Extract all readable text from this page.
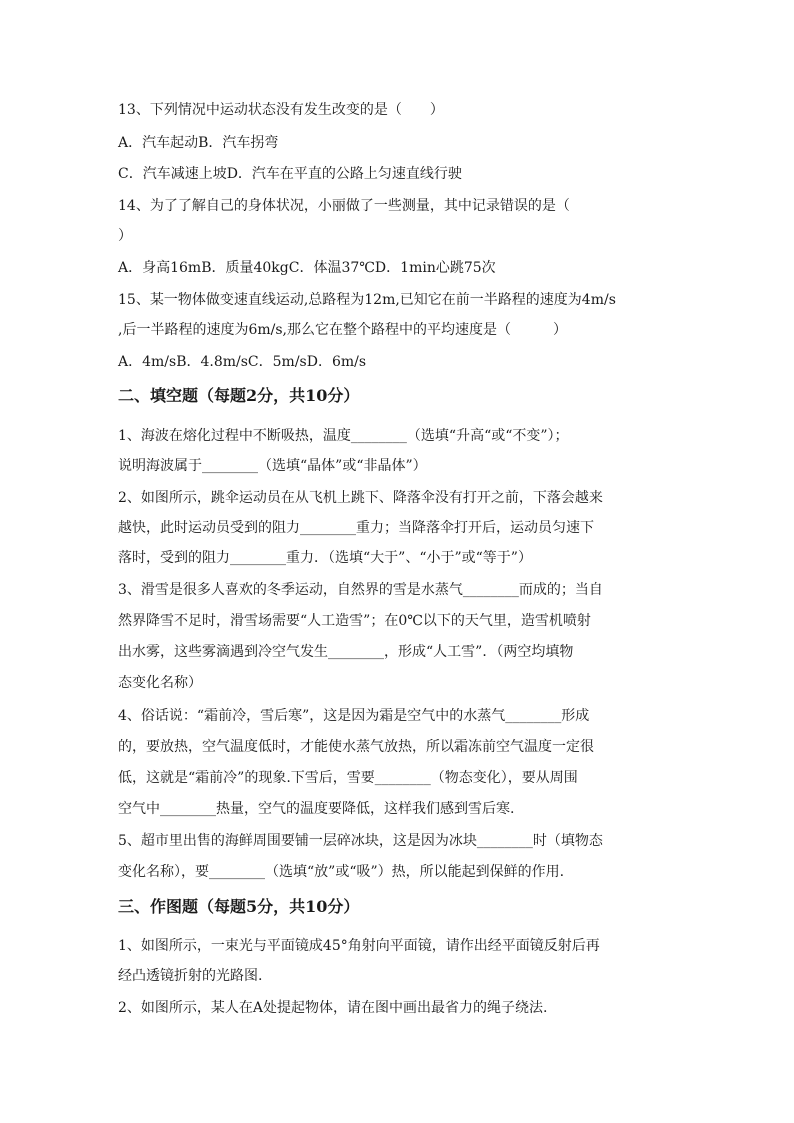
13、下列情况中运动状态没有发生改变的是（　　）
A．汽车起动B．汽车拐弯
C．汽车减速上坡D．汽车在平直的公路上匀速直线行驶
14、为了了解自己的身体状况，小丽做了一些测量，其中记录错误的是（
）
A．身高16mB．质量40kgC．体温37℃D．1min心跳75次
15、某一物体做变速直线运动,总路程为12m,已知它在前一半路程的速度为4m/s
,后一半路程的速度为6m/s,那么它在整个路程中的平均速度是（　　　）
A．4m/sB．4.8m/sC．5m/sD．6m/s
二、填空题（每题2分，共10分）
1、海波在熔化过程中不断吸热，温度________（选填“升高“或“不变”）；
说明海波属于________（选填“晶体”或“非晶体”）
2、如图所示，跳伞运动员在从飞机上跳下、降落伞没有打开之前，下落会越来
越快，此时运动员受到的阻力________重力；当降落伞打开后，运动员匀速下
落时，受到的阻力________重力．（选填“大于”、“小于”或“等于”）
3、滑雪是很多人喜欢的冬季运动，自然界的雪是水蒸气________而成的；当自
然界降雪不足时，滑雪场需要“人工造雪”；在0℃以下的天气里，造雪机喷射
出水雾，这些雾滴遇到冷空气发生________，形成“人工雪”．（两空均填物
态变化名称）
4、俗话说：“霜前冷，雪后寒”，这是因为霜是空气中的水蒸气________形成
的，要放热，空气温度低时，才能使水蒸气放热，所以霜冻前空气温度一定很
低，这就是“霜前冷”的现象.下雪后，雪要________（物态变化），要从周围
空气中________热量，空气的温度要降低，这样我们感到雪后寒.
5、超市里出售的海鲜周围要铺一层碎冰块，这是因为冰块________时（填物态
变化名称），要________（选填“放”或“吸”）热，所以能起到保鲜的作用.
三、作图题（每题5分，共10分）
1、如图所示，一束光与平面镜成45°角射向平面镜，请作出经平面镜反射后再
经凸透镜折射的光路图.
2、如图所示，某人在A处提起物体，请在图中画出最省力的绳子绕法.
